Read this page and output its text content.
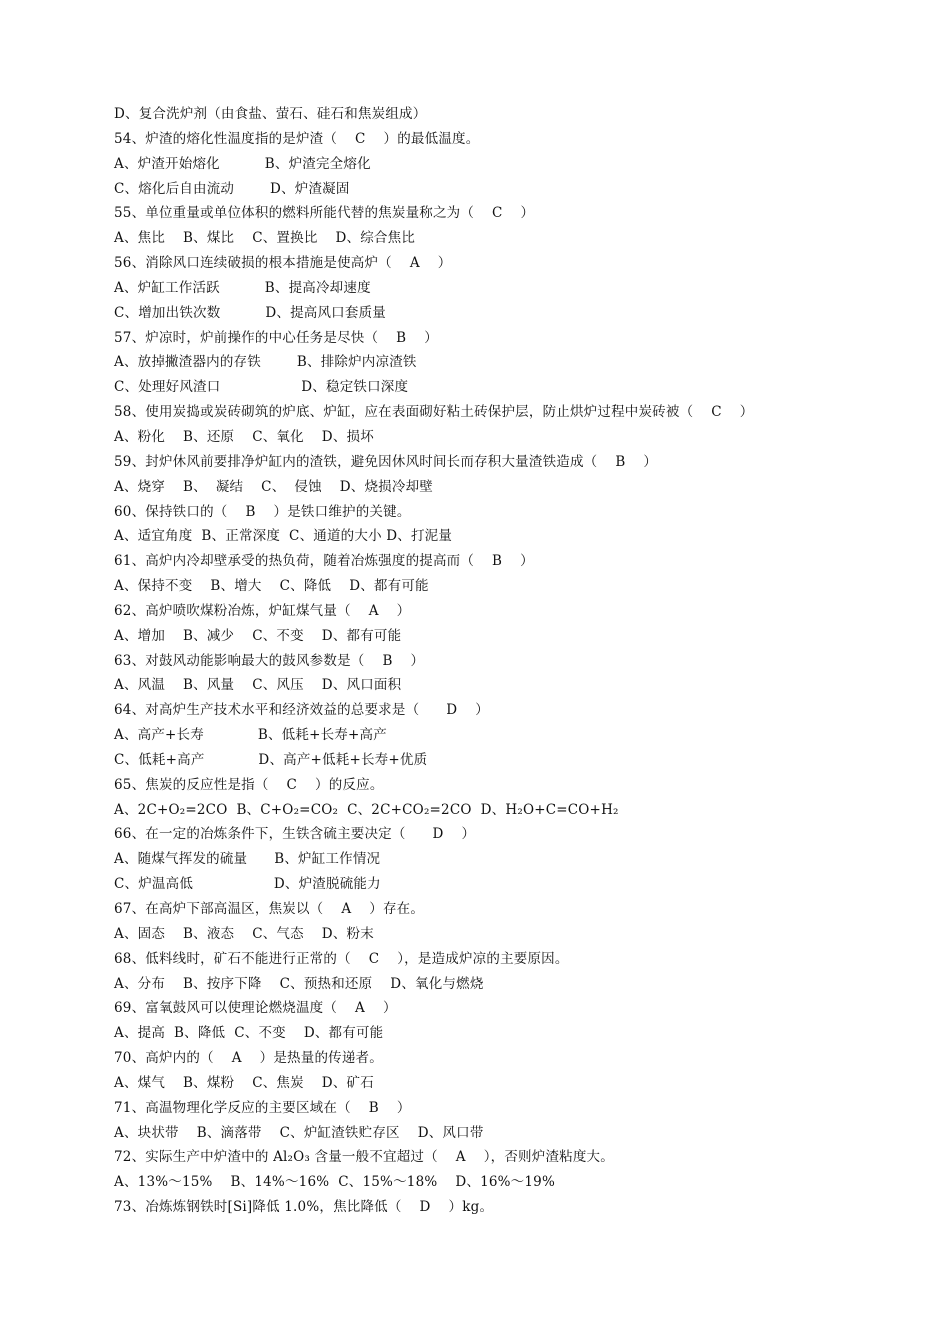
D、复合洗炉剂（由食盐、萤石、硅石和焦炭组成）
54、炉渣的熔化性温度指的是炉渣（    C    ）的最低温度。
A、炉渣开始熔化          B、炉渣完全熔化
C、熔化后自由流动        D、炉渣凝固
55、单位重量或单位体积的燃料所能代替的焦炭量称之为（    C    ）
A、焦比    B、煤比    C、置换比    D、综合焦比
56、消除风口连续破损的根本措施是使高炉（    A    ）
A、炉缸工作活跃          B、提高冷却速度
C、增加出铁次数          D、提高风口套质量
57、炉凉时，炉前操作的中心任务是尽快（    B    ）
A、放掉撇渣器内的存铁        B、排除炉内凉渣铁
C、处理好风渣口                  D、稳定铁口深度
58、使用炭捣或炭砖砌筑的炉底、炉缸，应在表面砌好粘土砖保护层，防止烘炉过程中炭砖被（    C    ）
A、粉化    B、还原    C、氧化    D、损坏
59、封炉休风前要排净炉缸内的渣铁，避免因休风时间长而存积大量渣铁造成（    B    ）
A、烧穿    B、  凝结    C、  侵蚀    D、烧损冷却壁
60、保持铁口的（    B    ）是铁口维护的关键。
A、适宜角度  B、正常深度  C、通道的大小 D、打泥量
61、高炉内冷却壁承受的热负荷，随着冶炼强度的提高而（    B    ）
A、保持不变    B、增大    C、降低    D、都有可能
62、高炉喷吹煤粉冶炼，炉缸煤气量（    A    ）
A、增加    B、减少    C、不变    D、都有可能
63、对鼓风动能影响最大的鼓风参数是（    B    ）
A、风温    B、风量    C、风压    D、风口面积
64、对高炉生产技术水平和经济效益的总要求是（      D    ）
A、高产+长寿            B、低耗+长寿+高产
C、低耗+高产            D、高产+低耗+长寿+优质
65、焦炭的反应性是指（    C    ）的反应。
A、2C+O₂=2CO  B、C+O₂=CO₂  C、2C+CO₂=2CO  D、H₂O+C=CO+H₂
66、在一定的冶炼条件下，生铁含硫主要决定（      D    ）
A、随煤气挥发的硫量      B、炉缸工作情况
C、炉温高低                  D、炉渣脱硫能力
67、在高炉下部高温区，焦炭以（    A    ）存在。
A、固态    B、液态    C、气态    D、粉末
68、低料线时，矿石不能进行正常的（    C    ），是造成炉凉的主要原因。
A、分布    B、按序下降    C、预热和还原    D、氧化与燃烧
69、富氧鼓风可以使理论燃烧温度（    A    ）
A、提高  B、降低  C、不变    D、都有可能
70、高炉内的（    A    ）是热量的传递者。
A、煤气    B、煤粉    C、焦炭    D、矿石
71、高温物理化学反应的主要区域在（    B    ）
A、块状带    B、滴落带    C、炉缸渣铁贮存区    D、风口带
72、实际生产中炉渣中的 Al₂O₃ 含量一般不宜超过（    A    ），否则炉渣粘度大。
A、13%～15%    B、14%～16%  C、15%～18%    D、16%～19%
73、冶炼炼钢铁时[Si]降低 1.0%，焦比降低（    D    ）kg。
